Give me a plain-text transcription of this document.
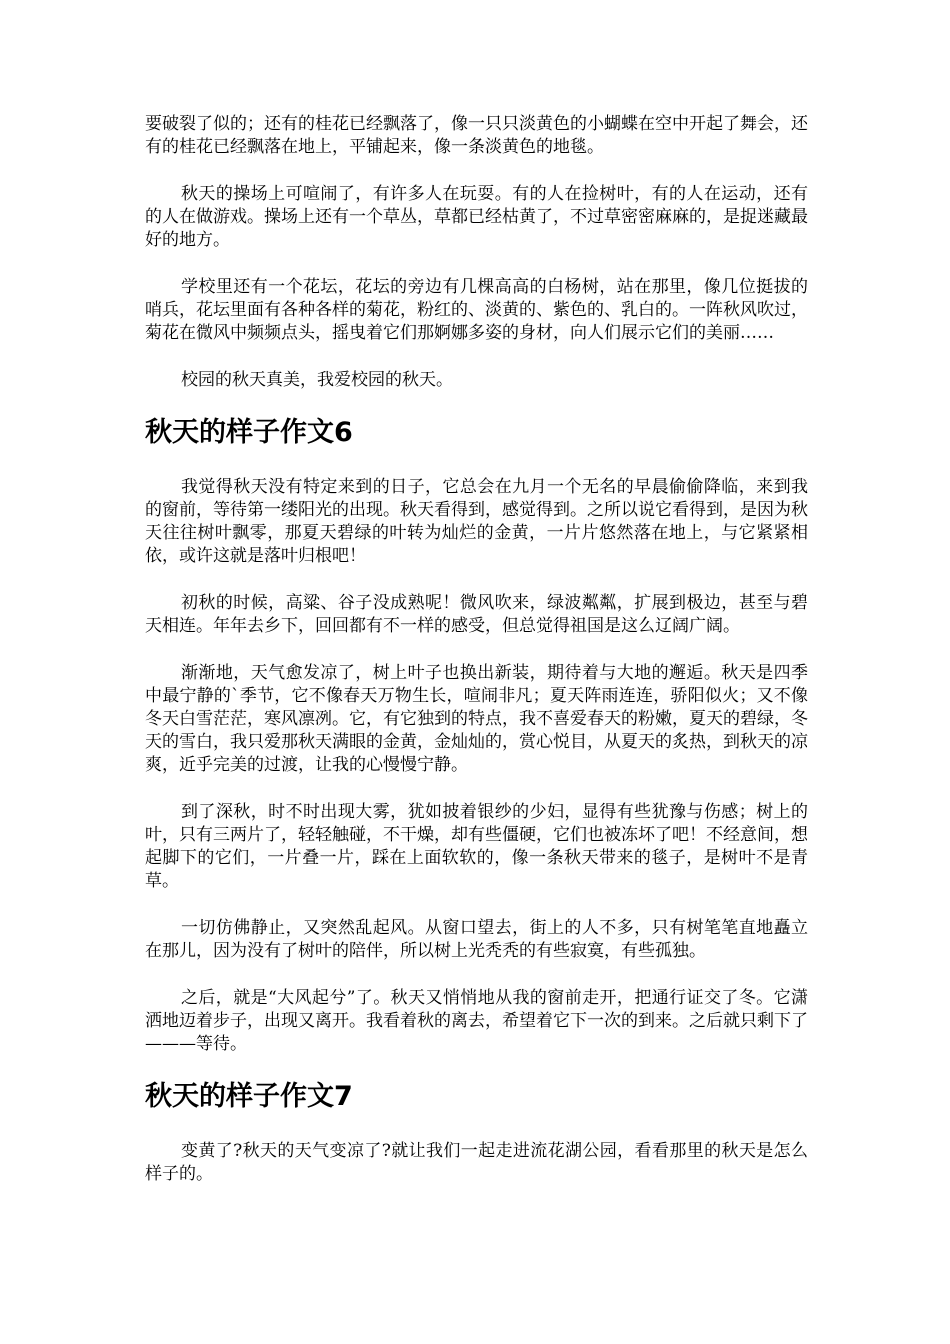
要破裂了似的；还有的桂花已经飘落了，像一只只淡黄色的小蝴蝶在空中开起了舞会，还有的桂花已经飘落在地上，平铺起来，像一条淡黄色的地毯。

秋天的操场上可喧闹了，有许多人在玩耍。有的人在捡树叶，有的人在运动，还有的人在做游戏。操场上还有一个草丛，草都已经枯黄了，不过草密密麻麻的，是捉迷藏最好的地方。

学校里还有一个花坛，花坛的旁边有几棵高高的白杨树，站在那里，像几位挺拔的哨兵，花坛里面有各种各样的菊花，粉红的、淡黄的、紫色的、乳白的。一阵秋风吹过，菊花在微风中频频点头，摇曳着它们那婀娜多姿的身材，向人们展示它们的美丽……

校园的秋天真美，我爱校园的秋天。

秋天的样子作文6

我觉得秋天没有特定来到的日子，它总会在九月一个无名的早晨偷偷降临，来到我的窗前，等待第一缕阳光的出现。秋天看得到，感觉得到。之所以说它看得到，是因为秋天往往树叶飘零，那夏天碧绿的叶转为灿烂的金黄，一片片悠然落在地上，与它紧紧相依，或许这就是落叶归根吧！

初秋的时候，高粱、谷子没成熟呢！微风吹来，绿波粼粼，扩展到极边，甚至与碧天相连。年年去乡下，回回都有不一样的感受，但总觉得祖国是这么辽阔广阔。

渐渐地，天气愈发凉了，树上叶子也换出新装，期待着与大地的邂逅。秋天是四季中最宁静的`季节，它不像春天万物生长，喧闹非凡；夏天阵雨连连，骄阳似火；又不像冬天白雪茫茫，寒风凛冽。它，有它独到的特点，我不喜爱春天的粉嫩，夏天的碧绿，冬天的雪白，我只爱那秋天满眼的金黄，金灿灿的，赏心悦目，从夏天的炙热，到秋天的凉爽，近乎完美的过渡，让我的心慢慢宁静。

到了深秋，时不时出现大雾，犹如披着银纱的少妇，显得有些犹豫与伤感；树上的叶，只有三两片了，轻轻触碰，不干燥，却有些僵硬，它们也被冻坏了吧！不经意间，想起脚下的它们，一片叠一片，踩在上面软软的，像一条秋天带来的毯子，是树叶不是青草。

一切仿佛静止，又突然乱起风。从窗口望去，街上的人不多，只有树笔笔直地矗立在那儿，因为没有了树叶的陪伴，所以树上光秃秃的有些寂寞，有些孤独。

之后，就是“大风起兮”了。秋天又悄悄地从我的窗前走开，把通行证交了冬。它潇洒地迈着步子，出现又离开。我看着秋的离去，希望着它下一次的到来。之后就只剩下了———等待。

秋天的样子作文7

变黄了?秋天的天气变凉了?就让我们一起走进流花湖公园，看看那里的秋天是怎么样子的。
